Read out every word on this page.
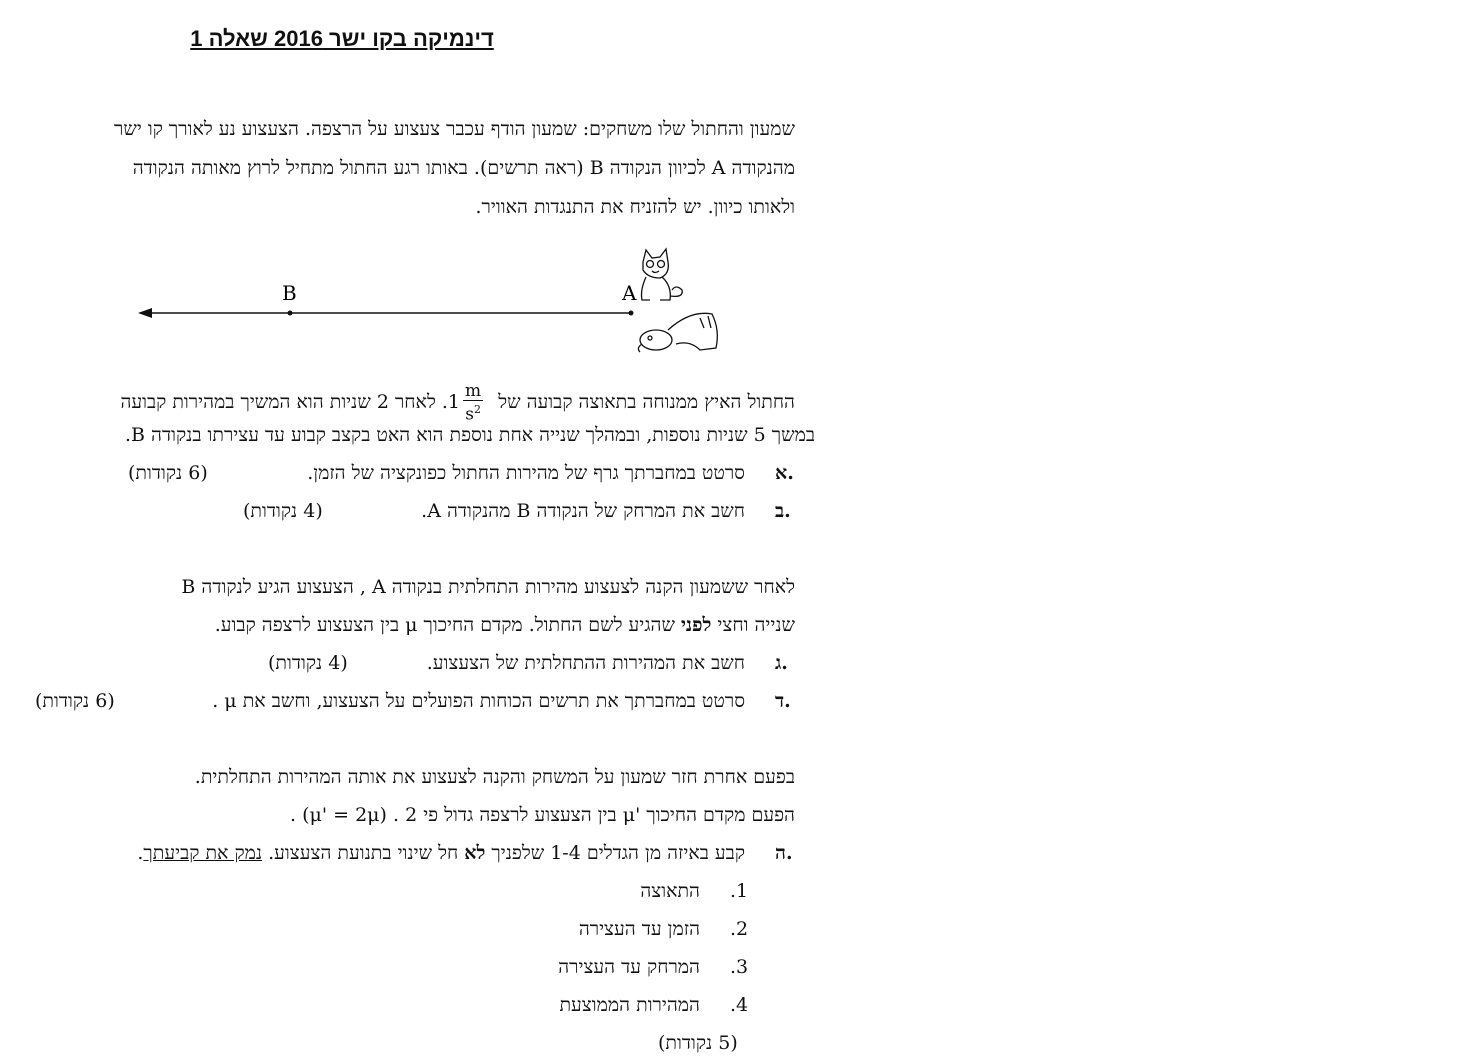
דינמיקה בקו ישר 2016 שאלה 1
שמעון והחתול שלו משחקים: שמעון הודף עכבר צעצוע על הרצפה. הצעצוע נע לאורך קו ישר
מהנקודה A לכיוון הנקודה B (ראה תרשים). באותו רגע החתול מתחיל לרוץ מאותה הנקודה
ולאותו כיוון. יש להזניח את התנגדות האוויר.
B	A
החתול האיץ ממנוחה בתאוצה קבועה של $1 \frac{m}{s^2}$
. לאחר 2 שניות הוא המשיך במהירות קבועה
במשך 5 שניות נוספות, ובמהלך שנייה אחת נוספת הוא האט בקצב קבוע עד עצירתו בנקודה B.
א.
סרטט במחברתך גרף של מהירות החתול כפונקציה של הזמן.
(6 נקודות)
ב.
חשב את המרחק של הנקודה B מהנקודה A.
(4 נקודות)
לאחר ששמעון הקנה לצעצוע מהירות התחלתית בנקודה A , הצעצוע הגיע לנקודה B
שנייה וחצי לפני שהגיע לשם החתול. מקדם החיכוך μ בין הצעצוע לרצפה קבוע.
ג.
חשב את המהירות ההתחלתית של הצעצוע.
(4 נקודות)
ד.
סרטט במחברתך את תרשים הכוחות הפועלים על הצעצוע, וחשב את μ .
(6 נקודות)
בפעם אחרת חזר שמעון על המשחק והקנה לצעצוע את אותה המהירות התחלתית.
הפעם מקדם החיכוך 'μ בין הצעצוע לרצפה גדול פי 2 . (μ' = 2μ) .
ה.
קבע באיזה מן הגדלים 1-4 שלפניך לא חל שינוי בתנועת הצעצוע. נמק את קביעתך.
.1
התאוצה
.2
הזמן עד העצירה
.3
המרחק עד העצירה
.4
המהירות הממוצעת
(5 נקודות)
